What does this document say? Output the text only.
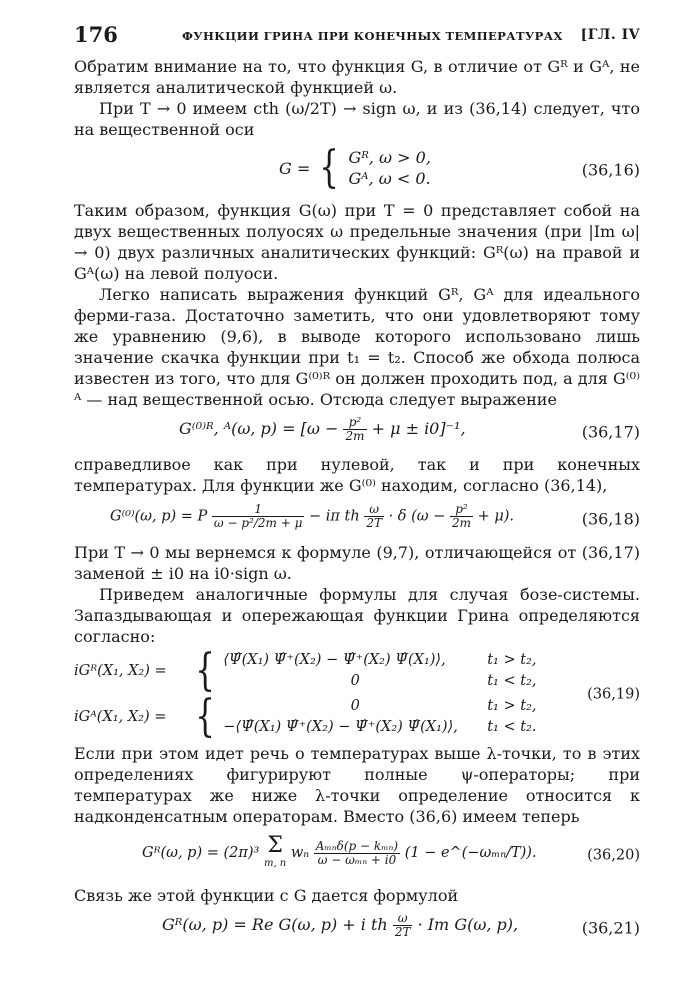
176	ФУНКЦИИ ГРИНА ПРИ КОНЕЧНЫХ ТЕМПЕРАТУРАХ [ГЛ. IV

Обратим внимание на то, что функция G, в отличие от Gᴿ и Gᴬ, не является аналитической функцией ω.

При T → 0 имеем cth (ω/2T) → sign ω, и из (36,14) следует, что на вещественной оси

G = { Gᴿ, ω > 0,
Gᴬ, ω < 0.	(36,16)

Таким образом, функция G(ω) при T = 0 представляет собой на двух вещественных полуосях ω предельные значения (при |Im ω| → 0) двух различных аналитических функций: Gᴿ(ω) на правой и Gᴬ(ω) на левой полуоси.

Легко написать выражения функций Gᴿ, Gᴬ для идеального ферми-газа. Достаточно заметить, что они удовлетворяют тому же уравнению (9,6), в выводе которого использовано лишь значение скачка функции при t₁ = t₂. Способ же обхода полюса известен из того, что для G⁽⁰⁾ᴿ он должен проходить под, а для G⁽⁰⁾ᴬ — над вещественной осью. Отсюда следует выражение

G⁽⁰⁾ᴿ, ᴬ(ω, $p) = [\omega - \frac{\text{p²}}{2m} + \mu \pm i0]^{-1}$,	(36,17)

справедливое как при нулевой, так и при конечных температурах. Для функции же G⁽⁰⁾ находим, согласно (36,14),

G⁽⁰⁾(ω, p) = P $\frac{1}{\text{ω − p²/2m + μ}} - i\pi$ th $\frac{\omega}{2T} \cdot \delta$ $(\omega - \frac{\text{p²}}{2m} + \mu)$.	(36,18)

При T → 0 мы вернемся к формуле (9,7), отличающейся от (36,17) заменой ± i0 на i0·sign ω.

Приведем аналогичные формулы для случая бозе-системы. Запаздывающая и опережающая функции Грина определяются согласно:

iGᴿ(X₁, X₂) = { ⟨Ψ̂(X₁) Ψ̂⁺(X₂) − Ψ̂⁺(X₂) Ψ̂(X₁)⟩,	t₁ > t₂,
0	t₁ < t₂,
iGᴬ(X₁, X₂) = {	0	t₁ > t₂,
−⟨Ψ̂(X₁) Ψ̂⁺(X₂) − Ψ̂⁺(X₂) Ψ̂(X₁)⟩, t₁ < t₂.
(36,19)

Если при этом идет речь о температурах выше λ-точки, то в этих определениях фигурируют полные ψ-операторы; при температурах же ниже λ-точки определение относится к надконденсатным операторам. Вместо (36,6) имеем теперь

Gᴿ(ω, p) = (2π)³ Σ
m, n
wₙ $\frac{\text{Aₘₙδ(p − kₘₙ)}}{\text{ω − ωₘₙ + i0}} (1$ − e^(−ωₘₙ/T)).	(36,20)

Связь же этой функции с G дается формулой

Gᴿ(ω, p) = Re G(ω, p) + i th $\frac{\omega}{2T} \cdot Im$ G(ω, p),	(36,21)
